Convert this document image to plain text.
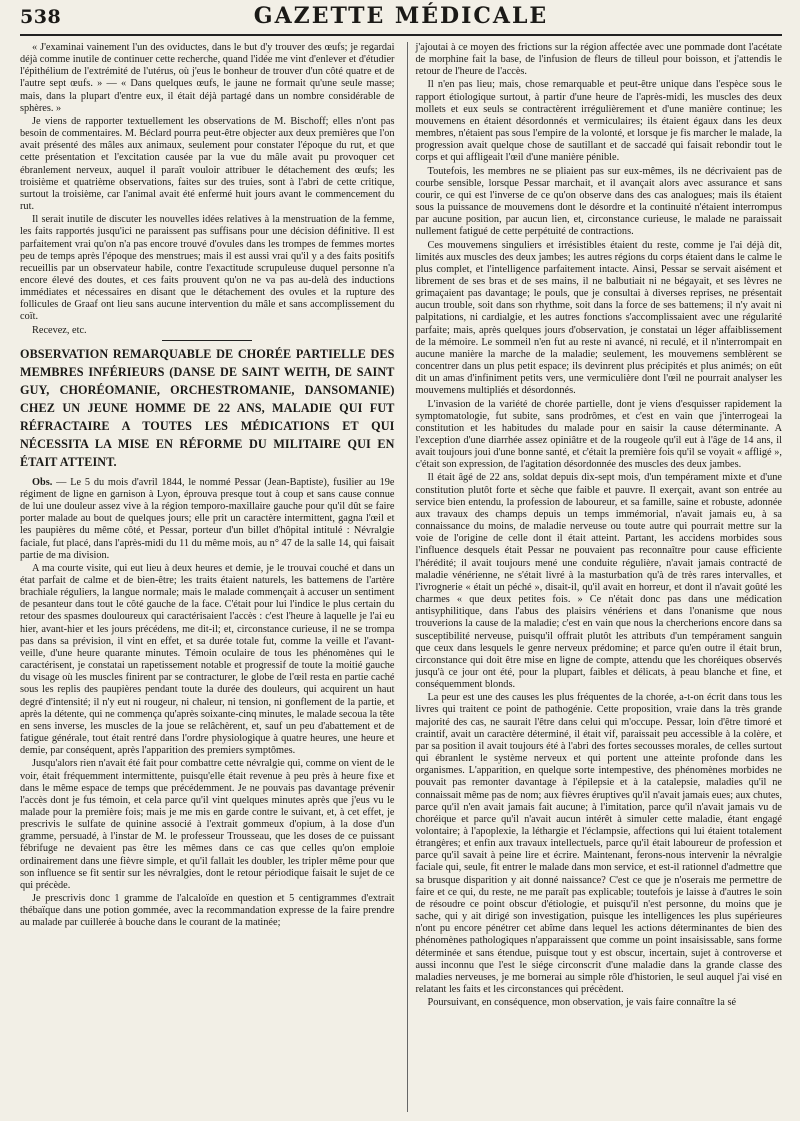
538	GAZETTE MÉDICALE

« J'examinai vainement l'un des oviductes, dans le but d'y trouver des œufs; je regardai déjà comme inutile de continuer cette recherche, quand l'idée me vint d'enlever et d'étudier l'épithélium de l'extrémité de l'utérus, où j'eus le bonheur de trouver d'un côté quatre et de l'autre sept œufs. » — « Dans quelques œufs, le jaune ne formait qu'une seule masse; mais, dans la plupart d'entre eux, il était déjà partagé dans un nombre considérable de sphères. »

Je viens de rapporter textuellement les observations de M. Bischoff; elles n'ont pas besoin de commentaires. M. Béclard pourra peut-être objecter aux deux premières que l'on avait présenté des mâles aux animaux, seulement pour constater l'époque du rut, et que cette présentation et l'excitation causée par la vue du mâle avait pu provoquer cet ébranlement nerveux, auquel il paraît vouloir attribuer le détachement des œufs; les troisième et quatrième observations, faites sur des truies, sont à l'abri de cette critique, surtout la troisième, car l'animal avait été enfermé huit jours avant le commencement du rut.

Il serait inutile de discuter les nouvelles idées relatives à la menstruation de la femme, les faits rapportés jusqu'ici ne paraissent pas suffisans pour une décision définitive. Il est parfaitement vrai qu'on n'a pas encore trouvé d'ovules dans les trompes de femmes mortes peu de temps après l'époque des menstrues; mais il est aussi vrai qu'il y a des faits positifs recueillis par un observateur habile, contre l'exactitude scrupuleuse duquel personne n'a encore élevé des doutes, et ces faits prouvent qu'on ne va pas au-delà des inductions immédiates et nécessaires en disant que le détachement des ovules et la rupture des follicules de Graaf ont lieu sans aucune intervention du mâle et sans accomplissement du coït.

Recevez, etc.

OBSERVATION REMARQUABLE DE CHORÉE PARTIELLE DES MEMBRES INFÉRIEURS (DANSE DE SAINT WEITH, DE SAINT GUY, CHORÉOMANIE, ORCHESTROMANIE, DANSOMANIE) CHEZ UN JEUNE HOMME DE 22 ANS, MALADIE QUI FUT RÉFRACTAIRE A TOUTES LES MÉDICATIONS ET QUI NÉCESSITA LA MISE EN RÉFORME DU MILITAIRE QUI EN ÉTAIT ATTEINT.

Obs. — Le 5 du mois d'avril 1844, le nommé Pessar (Jean-Baptiste), fusilier au 19e régiment de ligne en garnison à Lyon, éprouva presque tout à coup et sans cause connue de lui une douleur assez vive à la région temporo-maxillaire gauche pour qu'il dût se faire porter malade au bout de quelques jours; elle prit un caractère intermittent, gagna l'œil et les paupières du même côté, et Pessar, porteur d'un billet d'hôpital intitulé : Névralgie faciale, fut placé, dans l'après-midi du 11 du même mois, au n° 47 de la salle 14, qui faisait partie de ma division.

A ma courte visite, qui eut lieu à deux heures et demie, je le trouvai couché et dans un état parfait de calme et de bien-être; les traits étaient naturels, les battemens de l'artère brachiale réguliers, la langue normale; mais le malade commençait à accuser un sentiment de pesanteur dans tout le côté gauche de la face. C'était pour lui l'indice le plus certain du retour des spasmes douloureux qui caractérisaient l'accès : c'est l'heure à laquelle je l'ai eu hier, avant-hier et les jours précédens, me dit-il; et, circonstance curieuse, il ne se trompa pas dans sa prévision, il vint en effet, et sa durée totale fut, comme la veille et l'avant-veille, d'une heure quarante minutes. Témoin oculaire de tous les phénomènes qui le caractérisent, je constatai un rapetissement notable et progressif de toute la moitié gauche du visage où les muscles finirent par se contracturer, le globe de l'œil resta en partie caché sous les replis des paupières pendant toute la durée des douleurs, qui acquirent un haut degré d'intensité; il n'y eut ni rougeur, ni chaleur, ni tension, ni gonflement de la partie, et après la détente, qui ne commença qu'après soixante-cinq minutes, le malade secoua la tête en sens inverse, les muscles de la joue se relâchèrent, et, sauf un peu d'abattement et de fatigue générale, tout était rentré dans l'ordre physiologique à quatre heures, une heure et demie, par conséquent, après l'apparition des premiers symptômes.

Jusqu'alors rien n'avait été fait pour combattre cette névralgie qui, comme on vient de le voir, était fréquemment intermittente, puisqu'elle était revenue à peu près à heure fixe et dans le même espace de temps que précédemment. Je ne pouvais pas davantage prévenir l'accès dont je fus témoin, et cela parce qu'il vint quelques minutes après que j'eus vu le malade pour la première fois; mais je me mis en garde contre le suivant, et, à cet effet, je prescrivis le sulfate de quinine associé à l'extrait gommeux d'opium, à la dose d'un gramme, persuadé, à l'instar de M. le professeur Trousseau, que les doses de ce puissant fébrifuge ne devaient pas être les mêmes dans ce cas que celles qu'on emploie ordinairement dans une fièvre simple, et qu'il fallait les doubler, les tripler même pour que son influence se fit sentir sur les névralgies, dont le retour périodique faisait le sujet de ce qui précède.

Je prescrivis donc 1 gramme de l'alcaloïde en question et 5 centigrammes d'extrait thébaïque dans une potion gommée, avec la recommandation expresse de la faire prendre au malade par cuillerée à bouche dans le courant de la matinée;

j'ajoutai à ce moyen des frictions sur la région affectée avec une pommade dont l'acétate de morphine fait la base, de l'infusion de fleurs de tilleul pour boisson, et j'attendis le retour de l'heure de l'accès.

Il n'en pas lieu; mais, chose remarquable et peut-être unique dans l'espèce sous le rapport étiologique surtout, à partir d'une heure de l'après-midi, les muscles des deux mollets et eux seuls se contractèrent irrégulièrement et d'une manière continue; les mouvemens en étaient désordonnés et vermiculaires; ils étaient égaux dans les deux membres, n'étaient pas sous l'empire de la volonté, et lorsque je fis marcher le malade, la progression avait quelque chose de sautillant et de saccadé qui faisait rebondir tout le corps et qui affligeait l'œil d'une manière pénible.

Toutefois, les membres ne se pliaient pas sur eux-mêmes, ils ne décrivaient pas de courbe sensible, lorsque Pessar marchait, et il avançait alors avec assurance et sans courir, ce qui est l'inverse de ce qu'on observe dans des cas analogues; mais ils étaient sous la puissance de mouvemens dont le désordre et la continuité n'étaient interrompus par aucune position, par aucun lien, et, circonstance curieuse, le malade ne paraissait nullement fatigué de cette perpétuité de contractions.

Ces mouvemens singuliers et irrésistibles étaient du reste, comme je l'ai déjà dit, limités aux muscles des deux jambes; les autres régions du corps étaient dans le calme le plus complet, et l'intelligence parfaitement intacte. Ainsi, Pessar se servait aisément et librement de ses bras et de ses mains, il ne balbutiait ni ne bégayait, et ses lèvres ne grimaçaient pas davantage; le pouls, que je consultai à diverses reprises, ne présentait aucun trouble, soit dans son rhythme, soit dans la force de ses battemens; il n'y avait ni palpitations, ni cardialgie, et les autres fonctions s'accomplissaient avec une régularité parfaite; mais, après quelques jours d'observation, je constatai un léger affaiblissement de la mémoire. Le sommeil n'en fut au reste ni avancé, ni reculé, et il n'interrompait en aucune manière la marche de la maladie; seulement, les mouvemens semblèrent se concentrer dans un plus petit espace; ils devinrent plus précipités et plus animés; on eût dit un amas d'infiniment petits vers, une vermiculière dont l'œil ne pourrait analyser les mouvemens multipliés et désordonnés.

L'invasion de la variété de chorée partielle, dont je viens d'esquisser rapidement la symptomatologie, fut subite, sans prodrômes, et c'est en vain que j'interrogeai la constitution et les habitudes du malade pour en saisir la cause déterminante. A l'exception d'une diarrhée assez opiniâtre et de la rougeole qu'il eut à l'âge de 14 ans, il avait toujours joui d'une bonne santé, et c'était la première fois qu'il se voyait « affligé », c'était son expression, de l'agitation désordonnée des muscles des deux jambes.

Il était âgé de 22 ans, soldat depuis dix-sept mois, d'un tempérament mixte et d'une constitution plutôt forte et sèche que faible et pauvre. Il exerçait, avant son entrée au service bien entendu, la profession de laboureur, et sa famille, saine et robuste, adonnée aux travaux des champs depuis un temps immémorial, n'avait jamais eu, à sa connaissance du moins, de maladie nerveuse ou toute autre qui pourrait mettre sur la voie de l'origine de celle dont il était atteint. Partant, les accidens morbides sous l'influence desquels était Pessar ne pouvaient pas reconnaître pour cause efficiente l'hérédité; il avait toujours mené une conduite régulière, n'avait jamais contracté de maladie vénérienne, ne s'était livré à la masturbation qu'à de très rares intervalles, et l'ivrognerie « était un péché », disait-il, qu'il avait en horreur, et dont il n'avait goûté les charmes « que deux petites fois. » Ce n'était donc pas dans une médication antisyphilitique, dans l'abus des plaisirs vénériens et dans l'onanisme que nous trouverions la cause de la maladie; c'est en vain que nous la chercherions encore dans sa susceptibilité nerveuse, puisqu'il offrait plutôt les attributs d'un tempérament sanguin que ceux dans lesquels le genre nerveux prédomine; et parce qu'en outre il était brun, circonstance qui doit être mise en ligne de compte, attendu que les choréiques observés jusqu'à ce jour ont été, pour la plupart, faibles et délicats, à peau blanche et fine, et conséquemment blonds.

La peur est une des causes les plus fréquentes de la chorée, a-t-on écrit dans tous les livres qui traitent ce point de pathogénie. Cette proposition, vraie dans la très grande majorité des cas, ne saurait l'être dans celui qui m'occupe. Pessar, loin d'être timoré et craintif, avait un caractère déterminé, il était vif, paraissait peu accessible à la colère, et par sa position il avait toujours été à l'abri des fortes secousses morales, de celles surtout qui ébranlent le système nerveux et qui portent une atteinte profonde dans les organismes. L'apparition, en quelque sorte intempestive, des phénomènes morbides ne pouvait pas remonter davantage à l'épilepsie et à la catalepsie, maladies qu'il ne connaissait même pas de nom; aux fièvres éruptives qu'il n'avait jamais eues; aux chutes, parce qu'il n'en avait jamais fait aucune; à l'imitation, parce qu'il n'avait jamais vu de choréique et parce qu'il n'avait aucun intérêt à simuler cette maladie, étant engagé volontaire; à l'apoplexie, la léthargie et l'éclampsie, affections qui lui étaient totalement étrangères; et enfin aux travaux intellectuels, parce qu'il était laboureur de profession et parce qu'il savait à peine lire et écrire. Maintenant, ferons-nous intervenir la névralgie faciale qui, seule, fit entrer le malade dans mon service, et est-il rationnel d'admettre que sa brusque disparition y ait donné naissance? C'est ce que je n'oserais me permettre de faire et ce qui, du reste, ne me paraît pas explicable; toutefois je laisse à d'autres le soin de résoudre ce point obscur d'étiologie, et puisqu'il n'est personne, du moins que je sache, qui y ait dirigé son investigation, puisque les intelligences les plus supérieures n'ont pu encore pénétrer cet abîme dans lequel les actions déterminantes de bien des phénomènes pathologiques n'apparaissent que comme un point insaisissable, sans forme déterminée et sans étendue, puisque tout y est obscur, incertain, sujet à controverse et aussi inconnu que l'est le siége circonscrit d'une maladie dans la grande classe des maladies nerveuses, je me bornerai au simple rôle d'historien, le seul auquel j'ai visé en relatant les faits et les circonstances qui précèdent.

Poursuivant, en conséquence, mon observation, je vais faire connaître la sé
